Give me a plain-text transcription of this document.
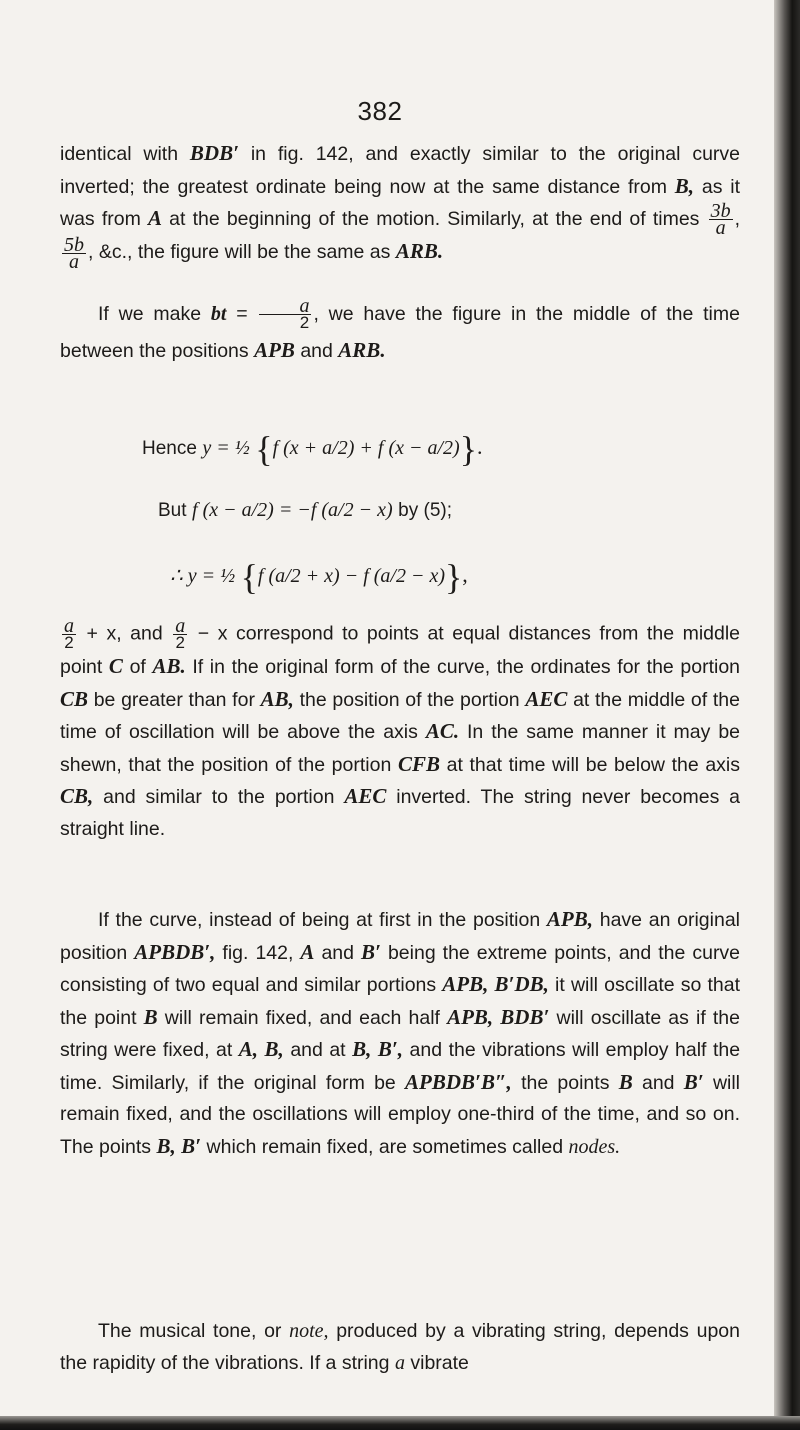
382

identical with BDB′ in fig. 142, and exactly similar to the original curve inverted; the greatest ordinate being now at the same distance from B, as it was from A at the beginning of the motion. Similarly, at the end of times $\frac{3b}{a}$ ,
$\frac{5b}{a}$ , &c., the figure will be the same as ARB.

If we make bt = $\frac{a}{2}$ , we have the figure in the middle of the time between the positions APB and ARB.

Hence y = ½ {f (x + a/2) + f (x − a/2)}.
But f (x − a/2) = −f (a/2 − x) by (5);
∴ y = ½ {f (a/2 + x) − f (a/2 − x)},

$\frac{a}{2} + x$, and $\frac{a}{2} - x$ correspond to points at equal distances from the middle point C of AB. If in the original form of the curve, the ordinates for the portion CB be greater than for AB, the position of the portion AEC at the middle of the time of oscillation will be above the axis AC. In the same manner it may be shewn, that the position of the portion CFB at that time will be below the axis CB, and similar to the portion AEC inverted. The string never becomes a straight line.

If the curve, instead of being at first in the position APB, have an original position APBDB′, fig. 142, A and B′ being the extreme points, and the curve consisting of two equal and similar portions APB, B′DB, it will oscillate so that the point B will remain fixed, and each half APB, BDB′ will oscillate as if the string were fixed, at A, B, and at B, B′, and the vibrations will employ half the time. Similarly, if the original form be APBDB′B″, the points B and B′ will remain fixed, and the oscillations will employ one-third of the time, and so on. The points B, B′ which remain fixed, are sometimes called nodes.

The musical tone, or note, produced by a vibrating string, depends upon the rapidity of the vibrations. If a string a vibrate
